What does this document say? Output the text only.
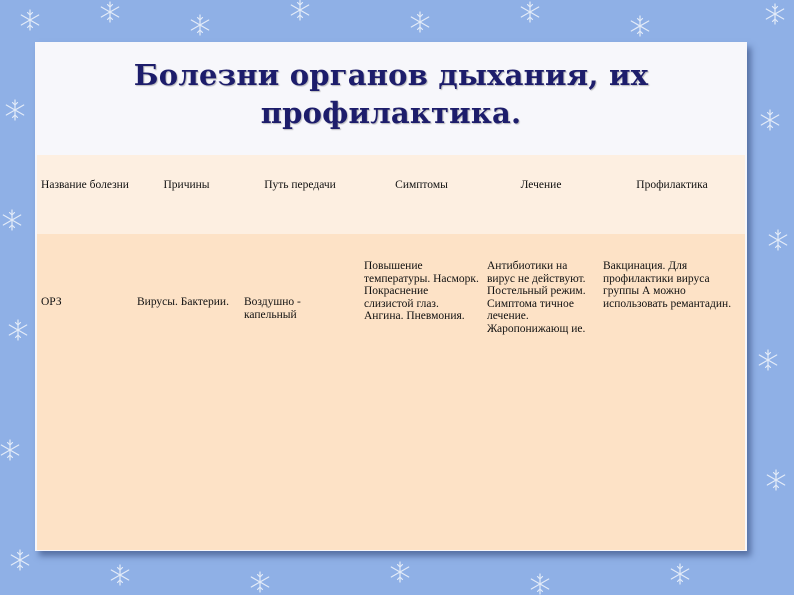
Болезни органов дыхания, их
профилактика.
Название болезни	Причины	Путь передачи	Симптомы	Лечение	Профилактика

ОРЗ	Вирусы. Бактерии.	Воздушно - капельный	Повышение температуры. Насморк. Покраснение слизистой глаз. Ангина. Пневмония.	Антибиотики на вирус не действуют. Постельный режим. Симптома тичное лечение. Жаропонижающ ие.	Вакцинация. Для профилактики вируса группы А можно использовать ремантадин.
